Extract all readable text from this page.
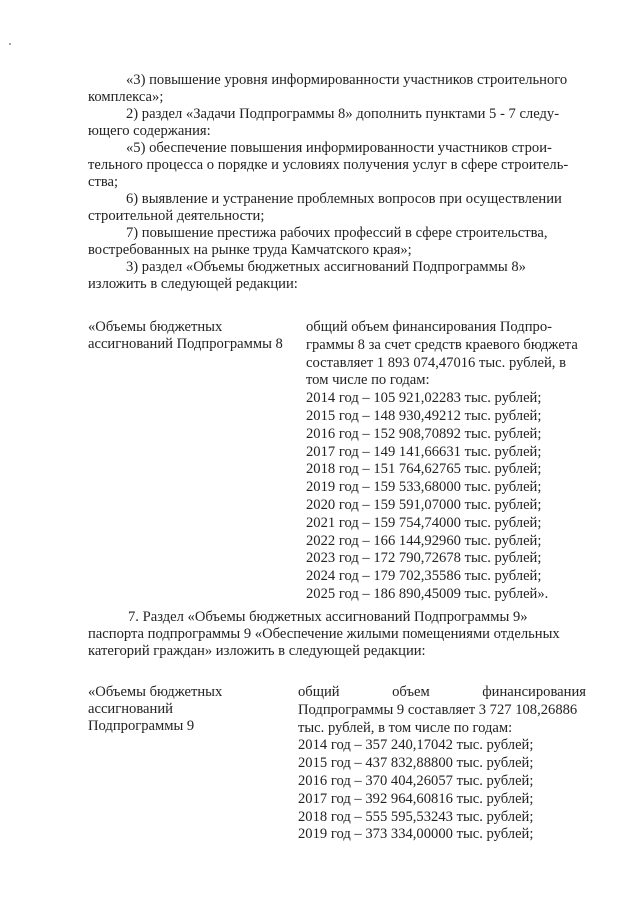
«3) повышение уровня информированности участников строительного
комплекса»;
2) раздел «Задачи Подпрограммы 8» дополнить пунктами 5 - 7 следу-
ющего содержания:
«5) обеспечение повышения информированности участников строи-
тельного процесса о порядке и условиях получения услуг в сфере строитель-
ства;
6) выявление и устранение проблемных вопросов при осуществлении
строительной деятельности;
7) повышение престижа рабочих профессий в сфере строительства,
востребованных на рынке труда Камчатского края»;
3) раздел «Объемы бюджетных ассигнований Подпрограммы 8»
изложить в следующей редакции:
«Объемы бюджетных
ассигнований Подпрограммы 8
общий объем финансирования Подпро-
граммы 8 за счет средств краевого бюджета
составляет 1 893 074,47016 тыс. рублей, в
том числе по годам:
2014 год – 105 921,02283 тыс. рублей;
2015 год – 148 930,49212 тыс. рублей;
2016 год – 152 908,70892 тыс. рублей;
2017 год – 149 141,66631 тыс. рублей;
2018 год – 151 764,62765 тыс. рублей;
2019 год – 159 533,68000 тыс. рублей;
2020 год – 159 591,07000 тыс. рублей;
2021 год – 159 754,74000 тыс. рублей;
2022 год – 166 144,92960 тыс. рублей;
2023 год – 172 790,72678 тыс. рублей;
2024 год – 179 702,35586 тыс. рублей;
2025 год – 186 890,45009 тыс. рублей».
7. Раздел «Объемы бюджетных ассигнований Подпрограммы 9»
паспорта подпрограммы 9 «Обеспечение жилыми помещениями отдельных
категорий граждан» изложить в следующей редакции:
«Объемы бюджетных
ассигнований
Подпрограммы 9
общий	объем	финансирования
Подпрограммы 9 составляет 3 727 108,26886
тыс. рублей, в том числе по годам:
2014 год – 357 240,17042 тыс. рублей;
2015 год – 437 832,88800 тыс. рублей;
2016 год – 370 404,26057 тыс. рублей;
2017 год – 392 964,60816 тыс. рублей;
2018 год – 555 595,53243 тыс. рублей;
2019 год – 373 334,00000 тыс. рублей;
